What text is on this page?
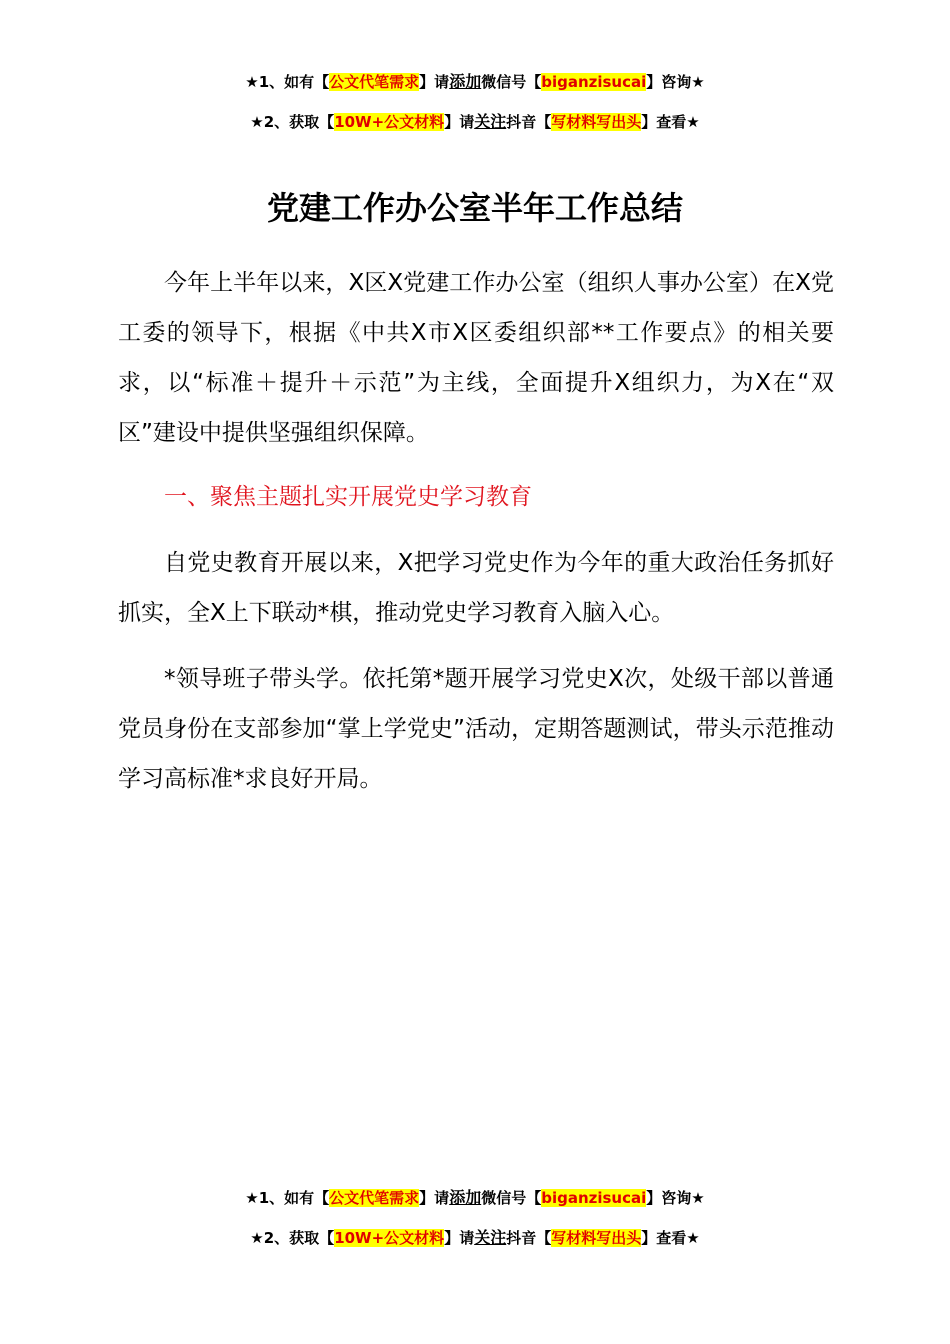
★1、如有【公文代笔需求】请添加微信号【biganzisucai】咨询★
★2、获取【10W+公文材料】请关注抖音【写材料写出头】查看★
党建工作办公室半年工作总结

今年上半年以来，X区X党建工作办公室（组织人事办公室）在X党工委的领导下，根据《中共X市X区委组织部**工作要点》的相关要求，以“标准＋提升＋示范”为主线，全面提升X组织力，为X在“双区”建设中提供坚强组织保障。

一、聚焦主题扎实开展党史学习教育

自党史教育开展以来，X把学习党史作为今年的重大政治任务抓好抓实，全X上下联动*棋，推动党史学习教育入脑入心。

*领导班子带头学。依托第*题开展学习党史X次，处级干部以普通党员身份在支部参加“掌上学党史”活动，定期答题测试，带头示范推动学习高标准*求良好开局。

★1、如有【公文代笔需求】请添加微信号【biganzisucai】咨询★
★2、获取【10W+公文材料】请关注抖音【写材料写出头】查看★
